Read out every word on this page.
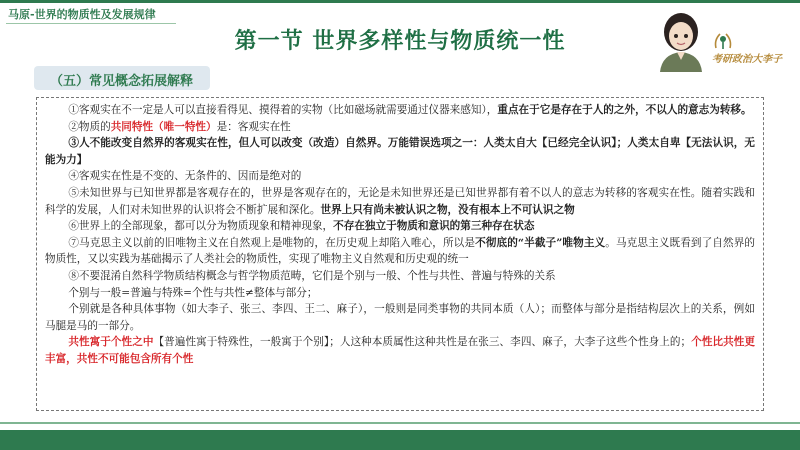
马原-世界的物质性及发展规律
第一节 世界多样性与物质统一性
考研政治大李子
（五）常见概念拓展解释

①客观实在不一定是人可以直接看得见、摸得着的实物（比如磁场就需要通过仪器来感知），重点在于它是存在于人的之外，不以人的意志为转移。

②物质的共同特性（唯一特性）是：客观实在性

③人不能改变自然界的客观实在性，但人可以改变（改造）自然界。万能错误选项之一：人类太自大【已经完全认识】；人类太自卑【无法认识，无能为力】

④客观实在性是不变的、无条件的、因而是绝对的

⑤未知世界与已知世界都是客观存在的，世界是客观存在的，无论是未知世界还是已知世界都有着不以人的意志为转移的客观实在性。随着实践和科学的发展，人们对未知世界的认识将会不断扩展和深化。世界上只有尚未被认识之物，没有根本上不可认识之物

⑥世界上的全部现象，都可以分为物质现象和精神现象，不存在独立于物质和意识的第三种存在状态

⑦马克思主义以前的旧唯物主义在自然观上是唯物的，在历史观上却陷入唯心，所以是不彻底的“半截子”唯物主义。马克思主义既看到了自然界的物质性，又以实践为基础揭示了人类社会的物质性，实现了唯物主义自然观和历史观的统一

⑧不要混淆自然科学物质结构概念与哲学物质范畴，它们是个别与一般、个性与共性、普遍与特殊的关系

个别与一般=普遍与特殊=个性与共性≠整体与部分；

个别就是各种具体事物（如大李子、张三、李四、王二、麻子），一般则是同类事物的共同本质（人）；而整体与部分是指结构层次上的关系，例如马腿是马的一部分。

共性寓于个性之中【普遍性寓于特殊性，一般寓于个别】；人这种本质属性这种共性是在张三、李四、麻子，大李子这些个性身上的；个性比共性更丰富，共性不可能包含所有个性
